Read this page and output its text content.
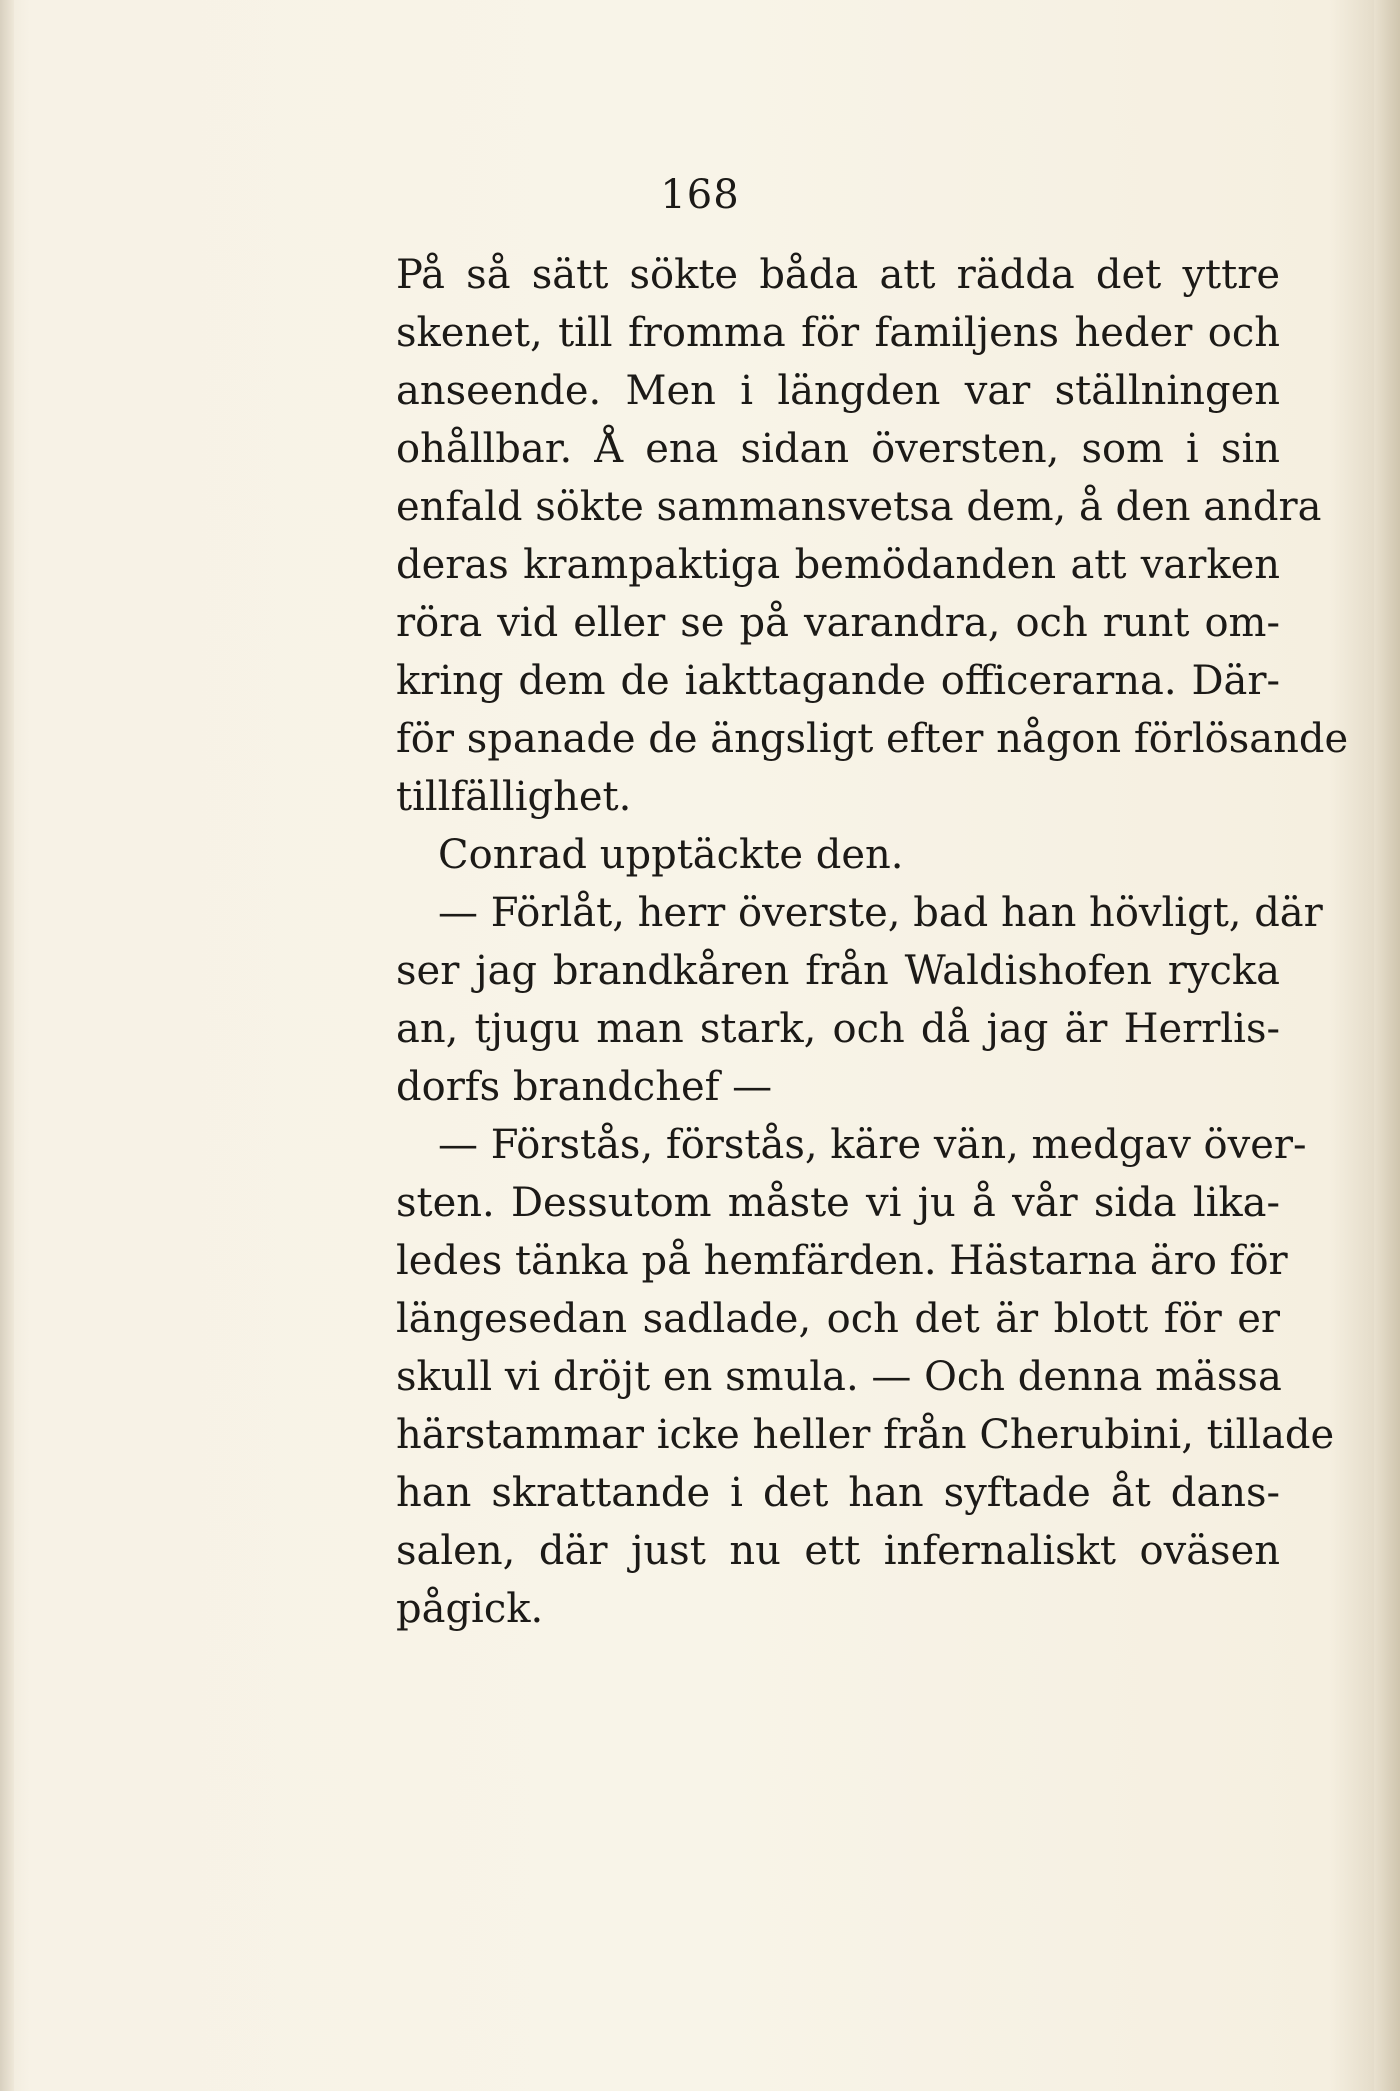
168
På så sätt sökte båda att rädda det yttre
skenet, till fromma för familjens heder och
anseende. Men i längden var ställningen
ohållbar. Å ena sidan översten, som i sin
enfald sökte sammansvetsa dem, å den andra
deras krampaktiga bemödanden att varken
röra vid eller se på varandra, och runt om-
kring dem de iakttagande officerarna. Där-
för spanade de ängsligt efter någon förlösande
tillfällighet.
Conrad upptäckte den.
— Förlåt, herr överste, bad han hövligt, där
ser jag brandkåren från Waldishofen rycka
an, tjugu man stark, och då jag är Herrlis-
dorfs brandchef —
— Förstås, förstås, käre vän, medgav över-
sten. Dessutom måste vi ju å vår sida lika-
ledes tänka på hemfärden. Hästarna äro för
längesedan sadlade, och det är blott för er
skull vi dröjt en smula. — Och denna mässa
härstammar icke heller från Cherubini, tillade
han skrattande i det han syftade åt dans-
salen, där just nu ett infernaliskt oväsen
pågick.
